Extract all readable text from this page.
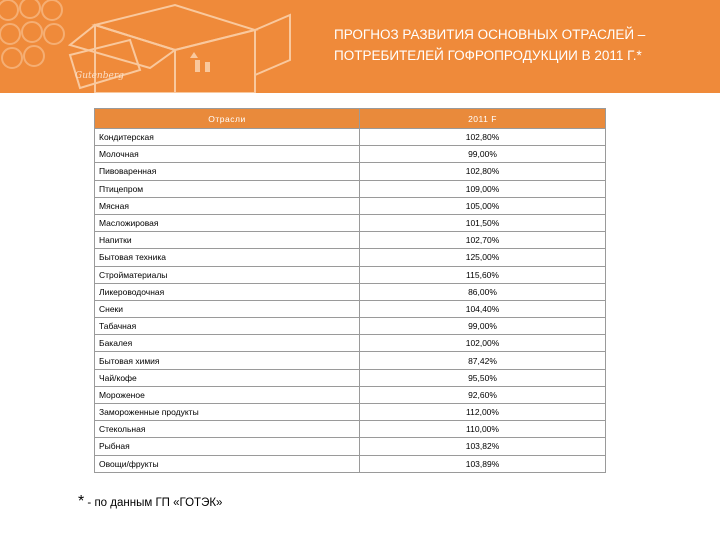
Gutenberg
ПРОГНОЗ РАЗВИТИЯ ОСНОВНЫХ ОТРАСЛЕЙ –
ПОТРЕБИТЕЛЕЙ ГОФРОПРОДУКЦИИ В 2011 Г.*
Отрасли	2011 F
Кондитерская	102,80%
Молочная	99,00%
Пивоваренная	102,80%
Птицепром	109,00%
Мясная	105,00%
Масложировая	101,50%
Напитки	102,70%
Бытовая техника	125,00%
Стройматериалы	115,60%
Ликероводочная	86,00%
Снеки	104,40%
Табачная	99,00%
Бакалея	102,00%
Бытовая химия	87,42%
Чай/кофе	95,50%
Мороженое	92,60%
Замороженные продукты	112,00%
Стекольная	110,00%
Рыбная	103,82%
Овощи/фрукты	103,89%
* - по данным ГП «ГОТЭК»
